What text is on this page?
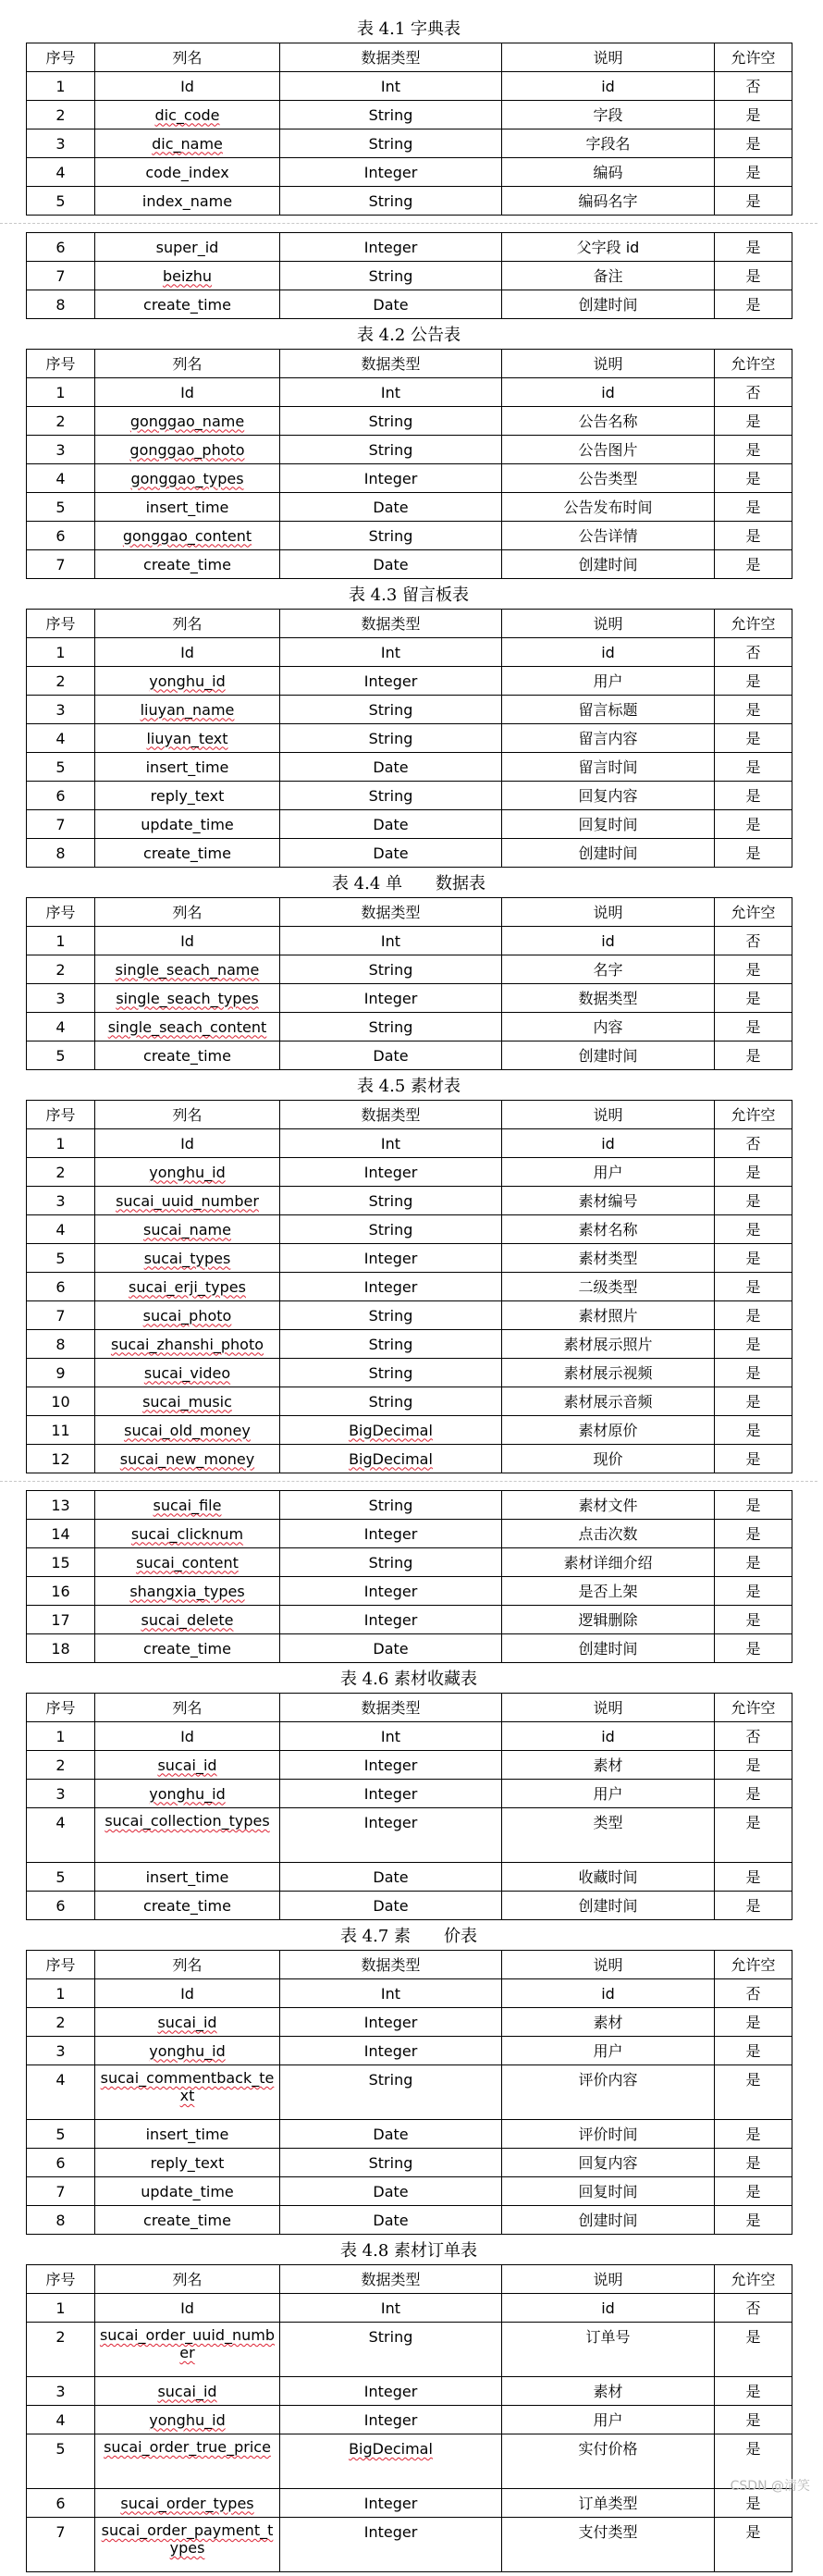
表 4.1 字典表
序号	列名	数据类型	说明	允许空
1	Id	Int	id	否
2	dic_code	String	字段	是
3	dic_name	String	字段名	是
4	code_index	Integer	编码	是
5	index_name	String	编码名字	是
6	super_id	Integer	父字段 id	是
7	beizhu	String	备注	是
8	create_time	Date	创建时间	是
表 4.2 公告表
序号	列名	数据类型	说明	允许空
1	Id	Int	id	否
2	gonggao_name	String	公告名称	是
3	gonggao_photo	String	公告图片	是
4	gonggao_types	Integer	公告类型	是
5	insert_time	Date	公告发布时间	是
6	gonggao_content	String	公告详情	是
7	create_time	Date	创建时间	是
表 4.3 留言板表
序号	列名	数据类型	说明	允许空
1	Id	Int	id	否
2	yonghu_id	Integer	用户	是
3	liuyan_name	String	留言标题	是
4	liuyan_text	String	留言内容	是
5	insert_time	Date	留言时间	是
6	reply_text	String	回复内容	是
7	update_time	Date	回复时间	是
8	create_time	Date	创建时间	是
表 4.4 单　　数据表
序号	列名	数据类型	说明	允许空
1	Id	Int	id	否
2	single_seach_name	String	名字	是
3	single_seach_types	Integer	数据类型	是
4	single_seach_content	String	内容	是
5	create_time	Date	创建时间	是
表 4.5 素材表
序号	列名	数据类型	说明	允许空
1	Id	Int	id	否
2	yonghu_id	Integer	用户	是
3	sucai_uuid_number	String	素材编号	是
4	sucai_name	String	素材名称	是
5	sucai_types	Integer	素材类型	是
6	sucai_erji_types	Integer	二级类型	是
7	sucai_photo	String	素材照片	是
8	sucai_zhanshi_photo	String	素材展示照片	是
9	sucai_video	String	素材展示视频	是
10	sucai_music	String	素材展示音频	是
11	sucai_old_money	BigDecimal	素材原价	是
12	sucai_new_money	BigDecimal	现价	是
13	sucai_file	String	素材文件	是
14	sucai_clicknum	Integer	点击次数	是
15	sucai_content	String	素材详细介绍	是
16	shangxia_types	Integer	是否上架	是
17	sucai_delete	Integer	逻辑删除	是
18	create_time	Date	创建时间	是
表 4.6 素材收藏表
序号	列名	数据类型	说明	允许空
1	Id	Int	id	否
2	sucai_id	Integer	素材	是
3	yonghu_id	Integer	用户	是
4	sucai_collection_types	Integer	类型	是
5	insert_time	Date	收藏时间	是
6	create_time	Date	创建时间	是
表 4.7 素　　价表
序号	列名	数据类型	说明	允许空
1	Id	Int	id	否
2	sucai_id	Integer	素材	是
3	yonghu_id	Integer	用户	是
4	sucai_commentback_text	String	评价内容	是
5	insert_time	Date	评价时间	是
6	reply_text	String	回复内容	是
7	update_time	Date	回复时间	是
8	create_time	Date	创建时间	是
表 4.8 素材订单表
序号	列名	数据类型	说明	允许空
1	Id	Int	id	否
2	sucai_order_uuid_number	String	订单号	是
3	sucai_id	Integer	素材	是
4	yonghu_id	Integer	用户	是
5	sucai_order_true_price	BigDecimal	实付价格	是
6	sucai_order_types	Integer	订单类型	是
7	sucai_order_payment_types	Integer	支付类型	是
CSDN @清笑
